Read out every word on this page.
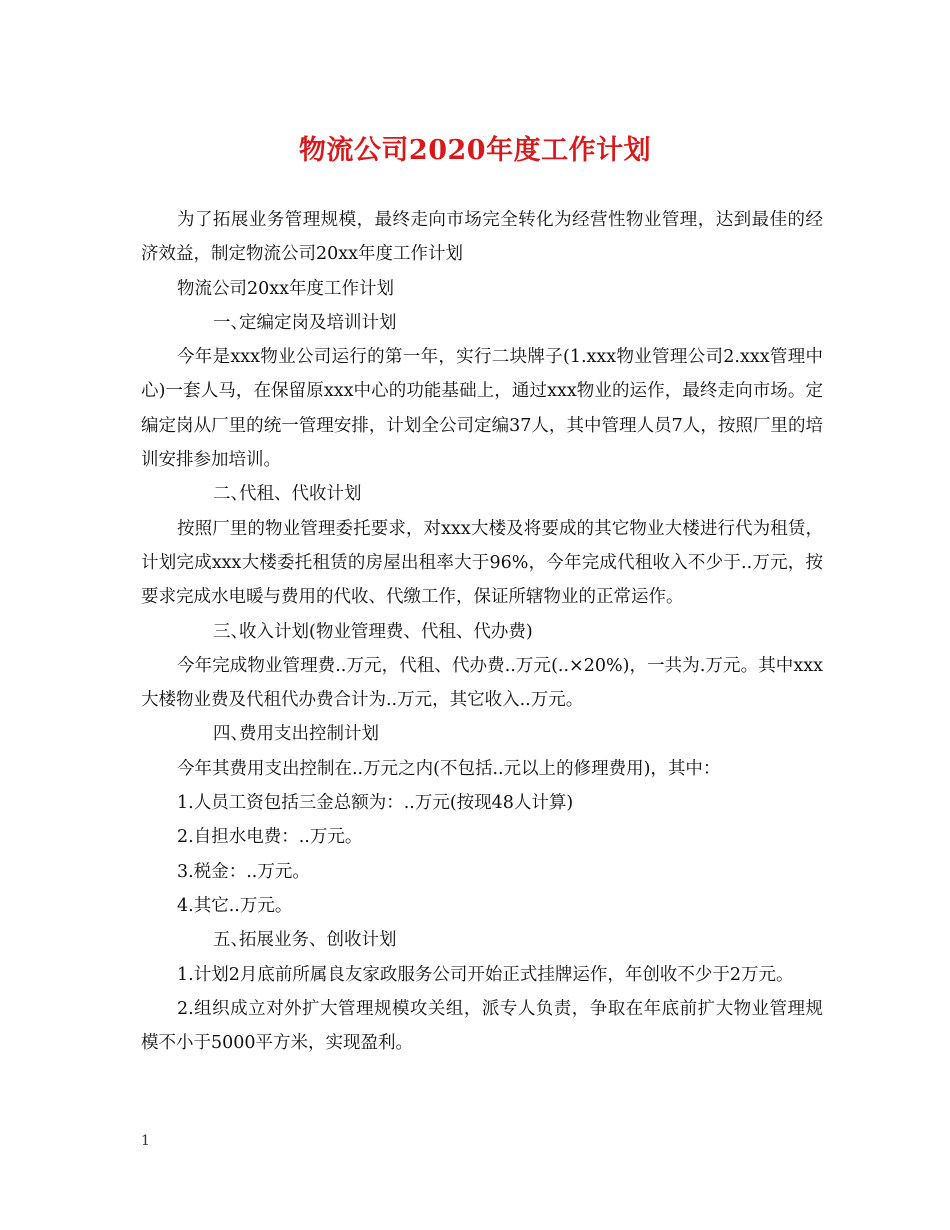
物流公司2020年度工作计划

为了拓展业务管理规模，最终走向市场完全转化为经营性物业管理，达到最佳的经济效益，制定物流公司20xx年度工作计划

物流公司20xx年度工作计划

一、定编定岗及培训计划

今年是xxx物业公司运行的第一年，实行二块牌子(1.xxx物业管理公司2.xxx管理中心)一套人马，在保留原xxx中心的功能基础上，通过xxx物业的运作，最终走向市场。定编定岗从厂里的统一管理安排，计划全公司定编37人，其中管理人员7人，按照厂里的培训安排参加培训。

二、代租、代收计划

按照厂里的物业管理委托要求，对xxx大楼及将要成的其它物业大楼进行代为租赁，计划完成xxx大楼委托租赁的房屋出租率大于96%，今年完成代租收入不少于..万元，按要求完成水电暖与费用的代收、代缴工作，保证所辖物业的正常运作。

三、收入计划(物业管理费、代租、代办费)

今年完成物业管理费..万元，代租、代办费..万元(..×20%)，一共为.万元。其中xxx大楼物业费及代租代办费合计为..万元，其它收入..万元。

四、费用支出控制计划

今年其费用支出控制在..万元之内(不包括..元以上的修理费用)，其中：

1.人员工资包括三金总额为：..万元(按现48人计算)

2.自担水电费：..万元。

3.税金：..万元。

4.其它..万元。

五、拓展业务、创收计划

1.计划2月底前所属良友家政服务公司开始正式挂牌运作，年创收不少于2万元。

2.组织成立对外扩大管理规模攻关组，派专人负责，争取在年底前扩大物业管理规模不小于5000平方米，实现盈利。

1
